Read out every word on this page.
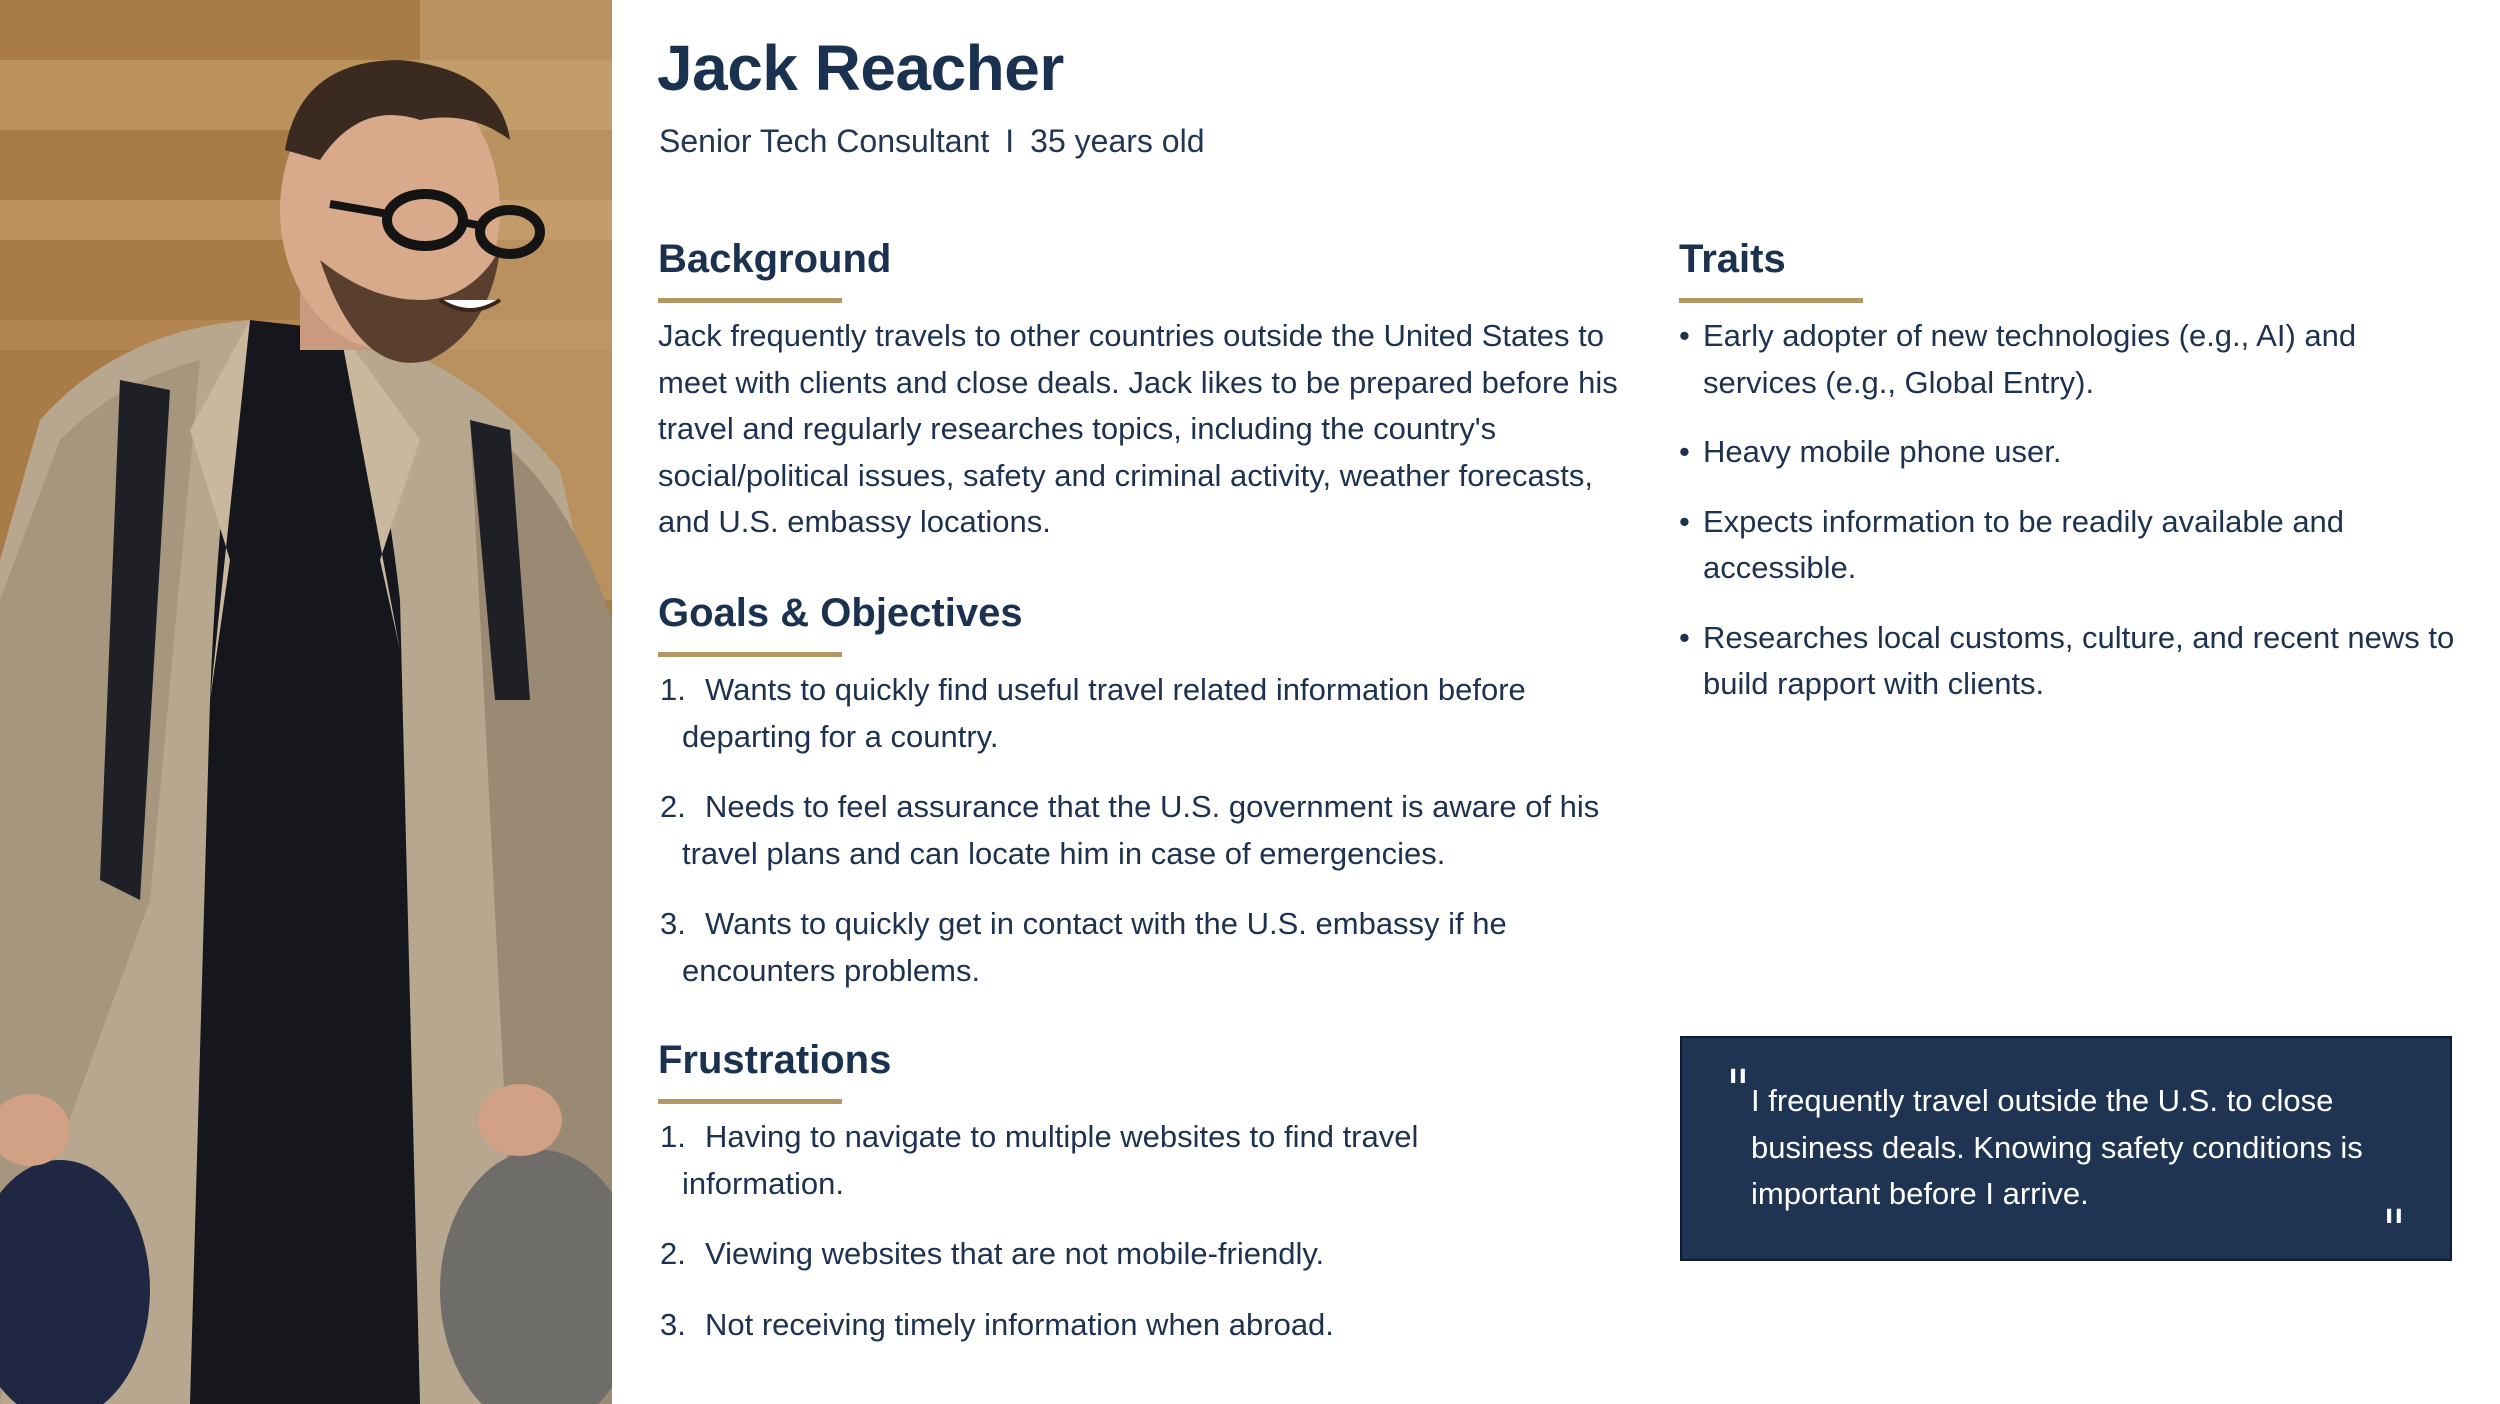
Jack Reacher
Senior Tech Consultant I 35 years old
Background

Jack frequently travels to other countries outside the United States to meet with clients and close deals. Jack likes to be prepared before his travel and regularly researches topics, including the country's social/political issues, safety and criminal activity, weather forecasts, and U.S. embassy locations.

Goals & Objectives
1. Wants to quickly find useful travel related information before departing for a country.
2. Needs to feel assurance that the U.S. government is aware of his travel plans and can locate him in case of emergencies.
3. Wants to quickly get in contact with the U.S. embassy if he encounters problems.
Frustrations
1. Having to navigate to multiple websites to find travel information.
2. Viewing websites that are not mobile-friendly.
3. Not receiving timely information when abroad.
Traits
• Early adopter of new technologies (e.g., AI) and services (e.g., Global Entry).
• Heavy mobile phone user.
• Expects information to be readily available and accessible.
• Researches local customs, culture, and recent news to build rapport with clients.
" I frequently travel outside the U.S. to close business deals. Knowing safety conditions is important before I arrive.
"
